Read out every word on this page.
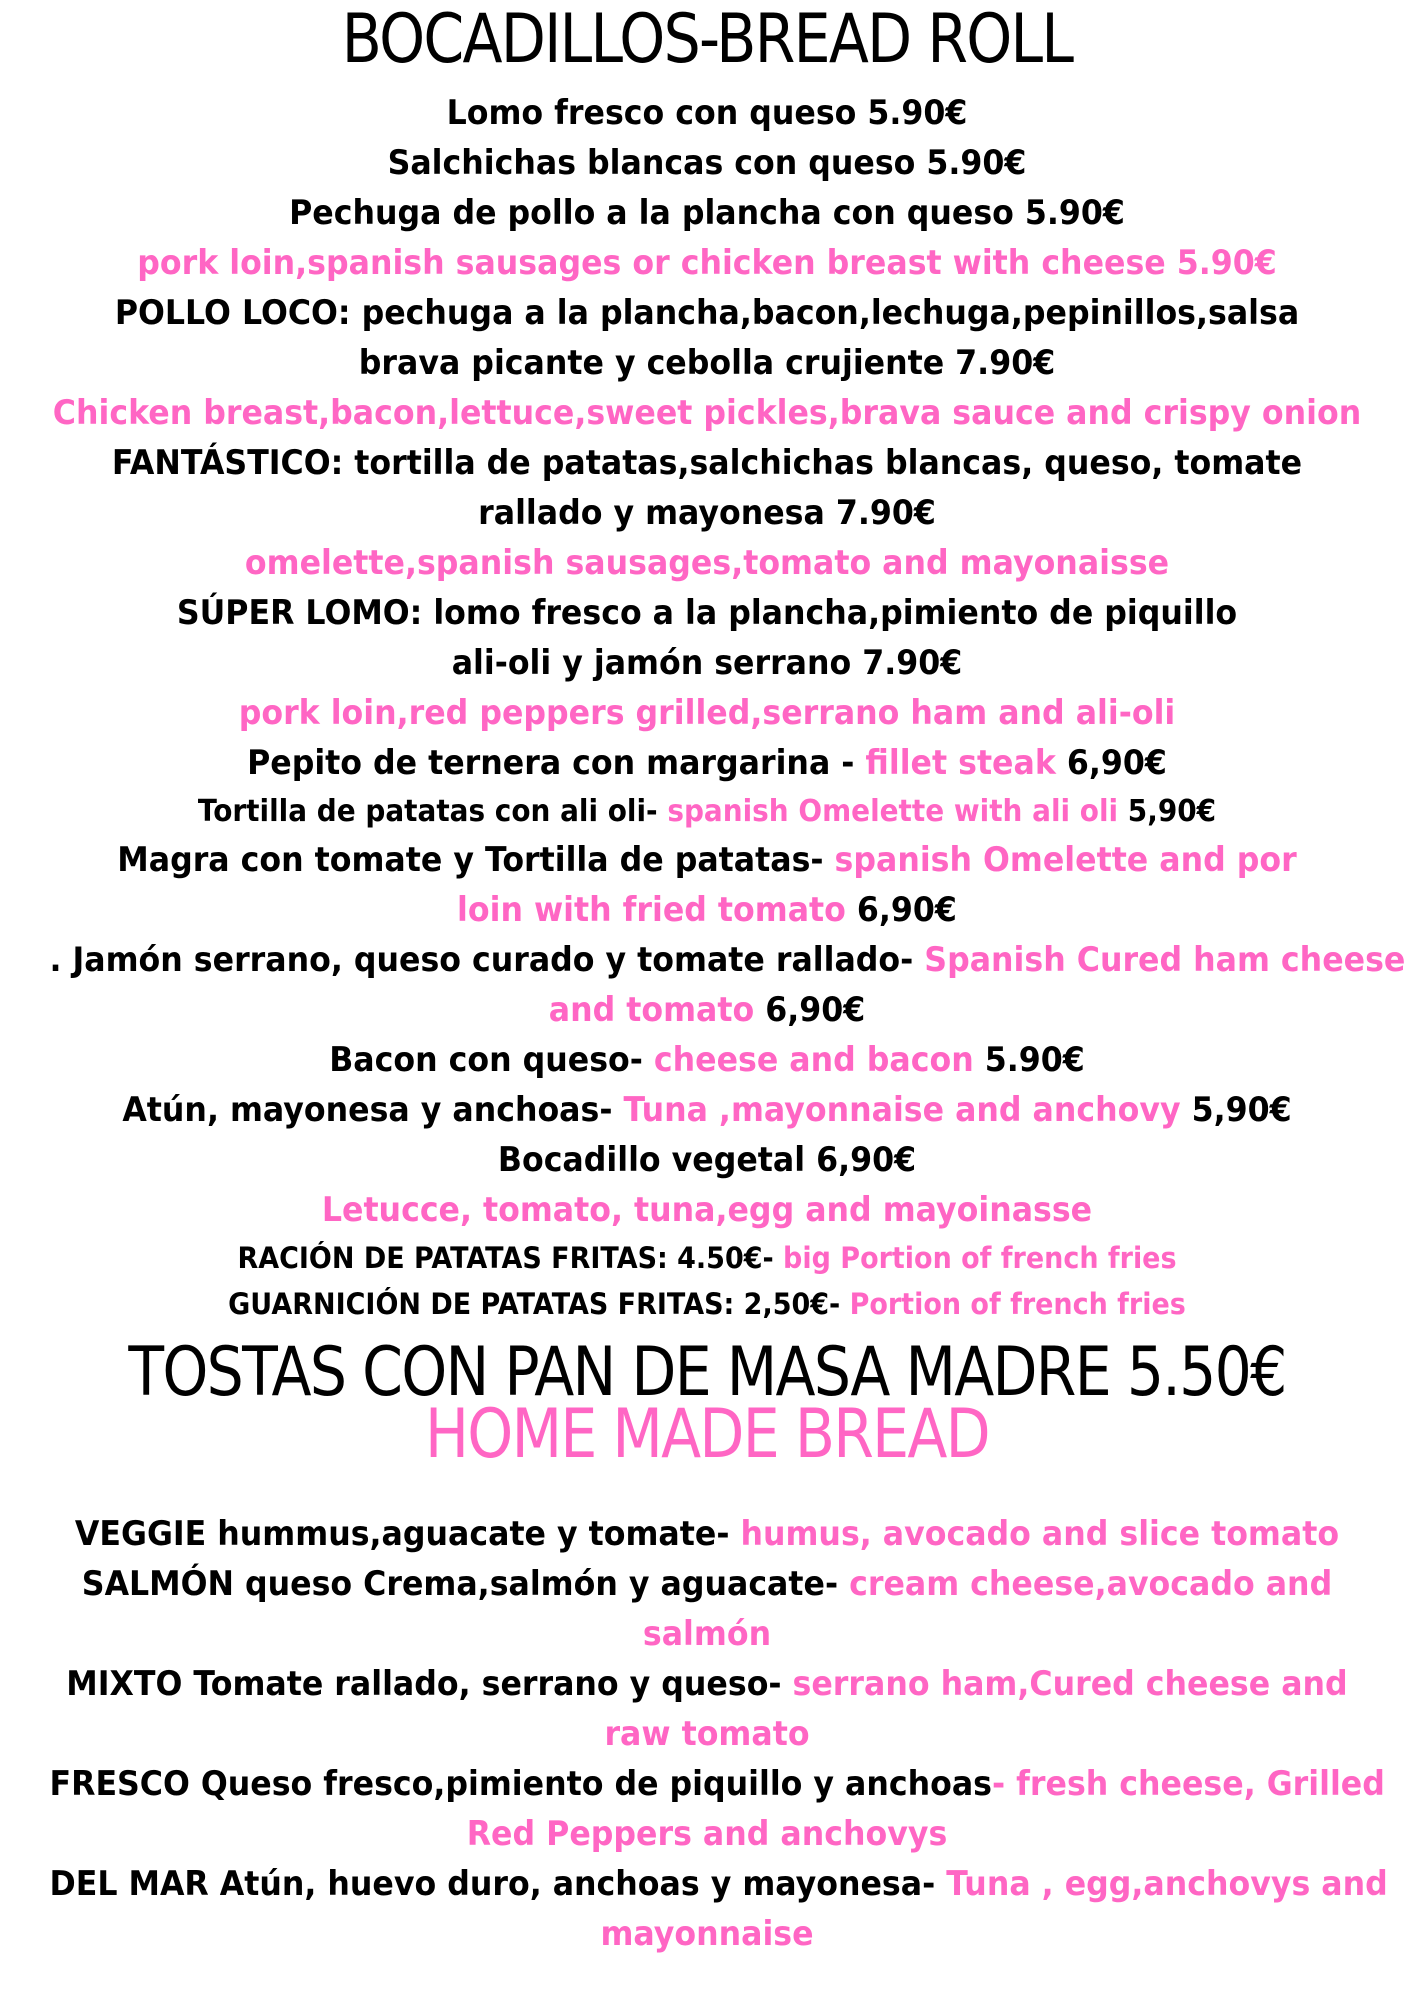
BOCADILLOS-BREAD ROLL
Lomo fresco con queso 5.90€
Salchichas blancas con queso 5.90€
Pechuga de pollo a la plancha con queso 5.90€
pork loin,spanish sausages or chicken breast with cheese 5.90€
POLLO LOCO: pechuga a la plancha,bacon,lechuga,pepinillos,salsa
brava picante y cebolla crujiente 7.90€
Chicken breast,bacon,lettuce,sweet pickles,brava sauce and crispy onion
FANTÁSTICO: tortilla de patatas,salchichas blancas, queso, tomate
rallado y mayonesa 7.90€
omelette,spanish sausages,tomato and mayonaisse
SÚPER LOMO: lomo fresco a la plancha,pimiento de piquillo
ali-oli y jamón serrano 7.90€
pork loin,red peppers grilled,serrano ham and ali-oli
Pepito de ternera con margarina - fillet steak 6,90€
Tortilla de patatas con ali oli- spanish Omelette with ali oli 5,90€
Magra con tomate y Tortilla de patatas- spanish Omelette and por
loin with fried tomato 6,90€
. Jamón serrano, queso curado y tomate rallado- Spanish Cured ham cheese
and tomato 6,90€
Bacon con queso- cheese and bacon 5.90€
Atún, mayonesa y anchoas- Tuna ,mayonnaise and anchovy 5,90€
Bocadillo vegetal 6,90€
Letucce, tomato, tuna,egg and mayoinasse
RACIÓN DE PATATAS FRITAS: 4.50€- big Portion of french fries
GUARNICIÓN DE PATATAS FRITAS: 2,50€- Portion of french fries
TOSTAS CON PAN DE MASA MADRE 5.50€
HOME MADE BREAD
VEGGIE hummus,aguacate y tomate- humus, avocado and slice tomato
SALMÓN queso Crema,salmón y aguacate- cream cheese,avocado and
salmón
MIXTO Tomate rallado, serrano y queso- serrano ham,Cured cheese and
raw tomato
FRESCO Queso fresco,pimiento de piquillo y anchoas- fresh cheese, Grilled
Red Peppers and anchovys
DEL MAR Atún, huevo duro, anchoas y mayonesa- Tuna , egg,anchovys and
mayonnaise
